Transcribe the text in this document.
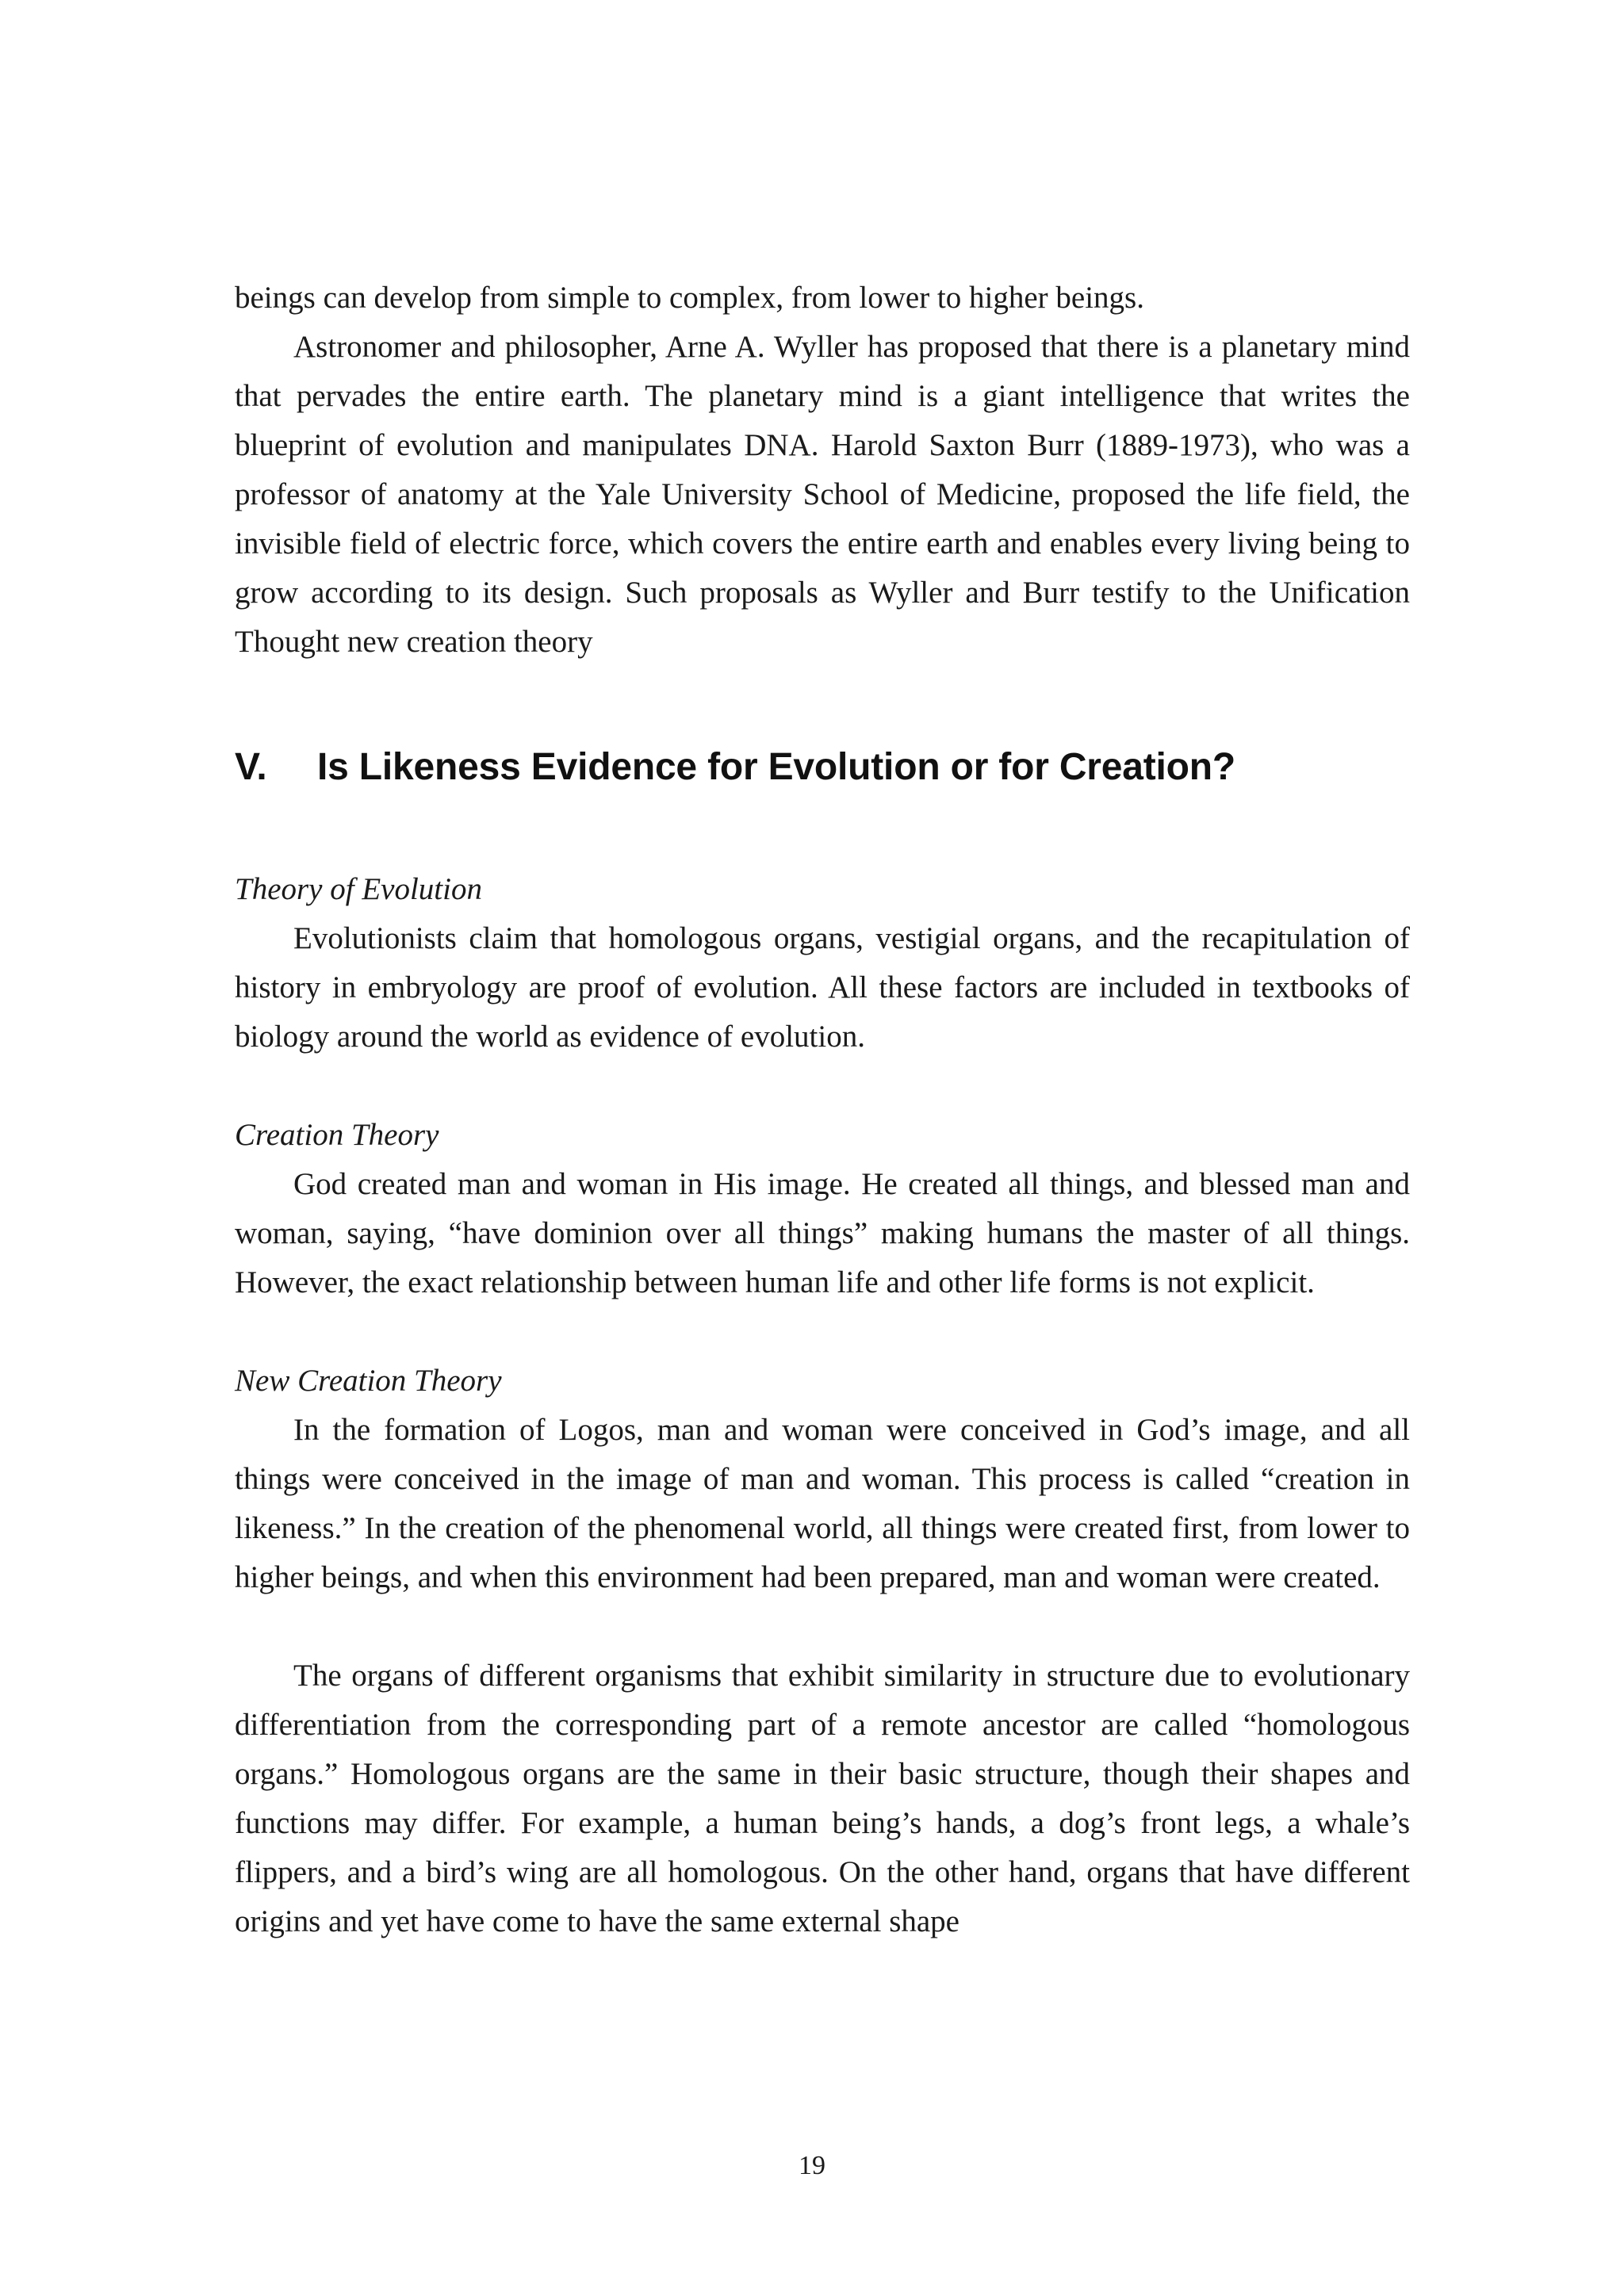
beings can develop from simple to complex, from lower to higher beings.

Astronomer and philosopher, Arne A. Wyller has proposed that there is a planetary mind that pervades the entire earth. The planetary mind is a giant intelligence that writes the blueprint of evolution and manipulates DNA. Harold Saxton Burr (1889-1973), who was a professor of anatomy at the Yale University School of Medicine, proposed the life field, the invisible field of electric force, which covers the entire earth and enables every living being to grow according to its design. Such proposals as Wyller and Burr testify to the Unification Thought new creation theory

V. Is Likeness Evidence for Evolution or for Creation?

Theory of Evolution

Evolutionists claim that homologous organs, vestigial organs, and the recapitulation of history in embryology are proof of evolution. All these factors are included in textbooks of biology around the world as evidence of evolution.

Creation Theory

God created man and woman in His image. He created all things, and blessed man and woman, saying, “have dominion over all things” making humans the master of all things. However, the exact relationship between human life and other life forms is not explicit.

New Creation Theory

In the formation of Logos, man and woman were conceived in God’s image, and all things were conceived in the image of man and woman. This process is called “creation in likeness.” In the creation of the phenomenal world, all things were created first, from lower to higher beings, and when this environment had been prepared, man and woman were created.

The organs of different organisms that exhibit similarity in structure due to evolutionary differentiation from the corresponding part of a remote ancestor are called “homologous organs.” Homologous organs are the same in their basic structure, though their shapes and functions may differ. For example, a human being’s hands, a dog’s front legs, a whale’s flippers, and a bird’s wing are all homologous. On the other hand, organs that have different origins and yet have come to have the same external shape

19
